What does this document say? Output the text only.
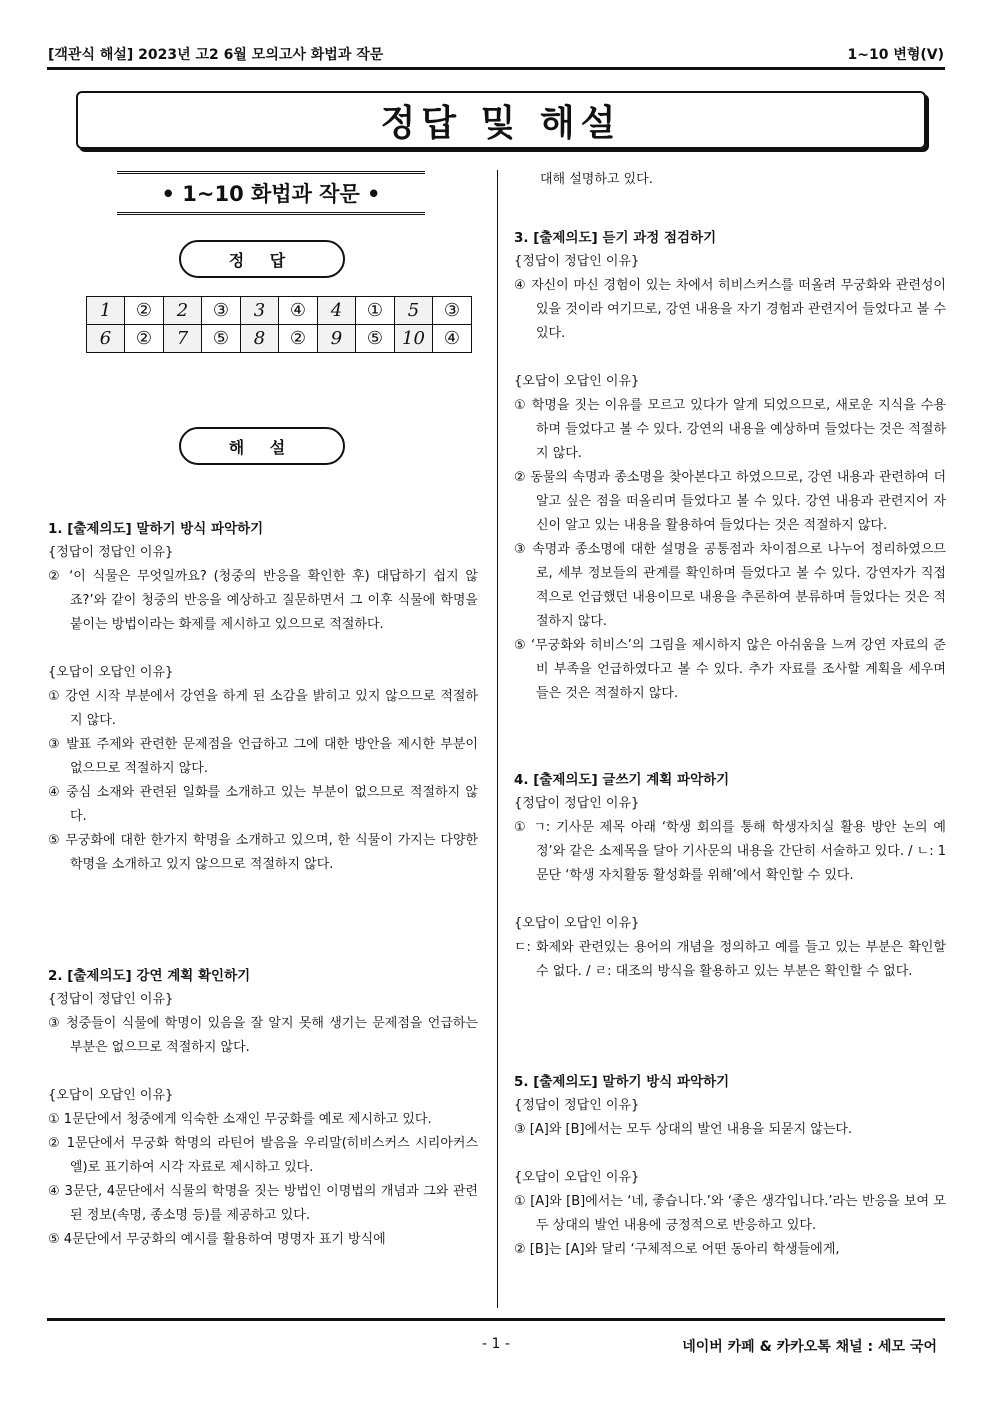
[객관식 해설] 2023년 고2 6월 모의고사 화법과 작문	1~10 변형(V)
정답 및 해설
• 1~10 화법과 작문 •
정 답
1	②	2	③	3	④	4	①	5	③
6	②	7	⑤	8	②	9	⑤	10	④
해 설
1. [출제의도] 말하기 방식 파악하기
{정답이 정답인 이유}
② ‘이 식물은 무엇일까요? (청중의 반응을 확인한 후) 대답하기 쉽지 않죠?’와 같이 청중의 반응을 예상하고 질문하면서 그 이후 식물에 학명을 붙이는 방법이라는 화제를 제시하고 있으므로 적절하다.
{오답이 오답인 이유}
① 강연 시작 부분에서 강연을 하게 된 소감을 밝히고 있지 않으므로 적절하지 않다.
③ 발표 주제와 관련한 문제점을 언급하고 그에 대한 방안을 제시한 부분이 없으므로 적절하지 않다.
④ 중심 소재와 관련된 일화를 소개하고 있는 부분이 없으므로 적절하지 않다.
⑤ 무궁화에 대한 한가지 학명을 소개하고 있으며, 한 식물이 가지는 다양한 학명을 소개하고 있지 않으므로 적절하지 않다.
2. [출제의도] 강연 계획 확인하기
{정답이 정답인 이유}
③ 청중들이 식물에 학명이 있음을 잘 알지 못해 생기는 문제점을 언급하는 부분은 없으므로 적절하지 않다.
{오답이 오답인 이유}
① 1문단에서 청중에게 익숙한 소재인 무궁화를 예로 제시하고 있다.
② 1문단에서 무궁화 학명의 라틴어 발음을 우리말(히비스커스 시리아커스 엘)로 표기하여 시각 자료로 제시하고 있다.
④ 3문단, 4문단에서 식물의 학명을 짓는 방법인 이명법의 개념과 그와 관련된 정보(속명, 종소명 등)를 제공하고 있다.
⑤ 4문단에서 무궁화의 예시를 활용하여 명명자 표기 방식에
대해 설명하고 있다.
3. [출제의도] 듣기 과정 점검하기
{정답이 정답인 이유}
④ 자신이 마신 경험이 있는 차에서 히비스커스를 떠올려 무궁화와 관련성이 있을 것이라 여기므로, 강연 내용을 자기 경험과 관련지어 들었다고 볼 수 있다.
{오답이 오답인 이유}
① 학명을 짓는 이유를 모르고 있다가 알게 되었으므로, 새로운 지식을 수용하며 들었다고 볼 수 있다. 강연의 내용을 예상하며 들었다는 것은 적절하지 않다.
② 동물의 속명과 종소명을 찾아본다고 하였으므로, 강연 내용과 관련하여 더 알고 싶은 점을 떠올리며 들었다고 볼 수 있다. 강연 내용과 관련지어 자신이 알고 있는 내용을 활용하여 들었다는 것은 적절하지 않다.
③ 속명과 종소명에 대한 설명을 공통점과 차이점으로 나누어 정리하였으므로, 세부 정보들의 관계를 확인하며 들었다고 볼 수 있다. 강연자가 직접적으로 언급했던 내용이므로 내용을 추론하여 분류하며 들었다는 것은 적절하지 않다.
⑤ ‘무궁화와 히비스’의 그림을 제시하지 않은 아쉬움을 느껴 강연 자료의 준비 부족을 언급하였다고 볼 수 있다. 추가 자료를 조사할 계획을 세우며 들은 것은 적절하지 않다.
4. [출제의도] 글쓰기 계획 파악하기
{정답이 정답인 이유}
① ㄱ: 기사문 제목 아래 ‘학생 회의를 통해 학생자치실 활용 방안 논의 예정’와 같은 소제목을 달아 기사문의 내용을 간단히 서술하고 있다. / ㄴ: 1문단 ‘학생 자치활동 활성화를 위해’에서 확인할 수 있다.
{오답이 오답인 이유}
ㄷ: 화제와 관련있는 용어의 개념을 정의하고 예를 들고 있는 부분은 확인할 수 없다. / ㄹ: 대조의 방식을 활용하고 있는 부분은 확인할 수 없다.
5. [출제의도] 말하기 방식 파악하기
{정답이 정답인 이유}
③ [A]와 [B]에서는 모두 상대의 발언 내용을 되묻지 않는다.
{오답이 오답인 이유}
① [A]와 [B]에서는 ‘네, 좋습니다.’와 ‘좋은 생각입니다.’라는 반응을 보여 모두 상대의 발언 내용에 긍정적으로 반응하고 있다.
② [B]는 [A]와 달리 ‘구체적으로 어떤 동아리 학생들에게,
- 1 -	네이버 카페 & 카카오톡 채널 : 세모 국어
